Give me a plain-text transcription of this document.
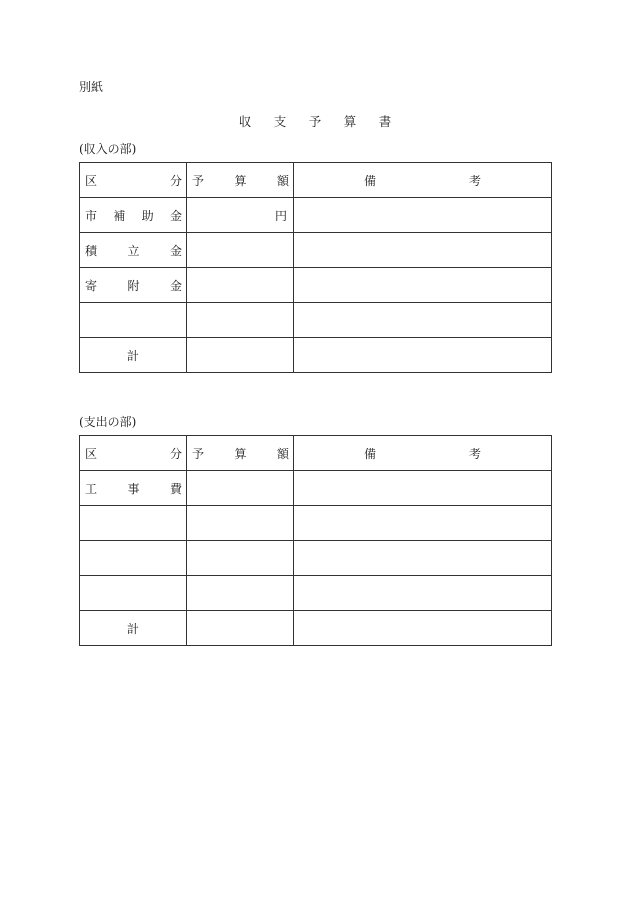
別紙
収 支 予 算 書
(収入の部)
区 分	予 算 額	備 考

市 補 助 金	円	

積 立 金		

寄 附 金		

計		
(支出の部)
区 分	予 算 額	備 考

工 事 費		

計		
